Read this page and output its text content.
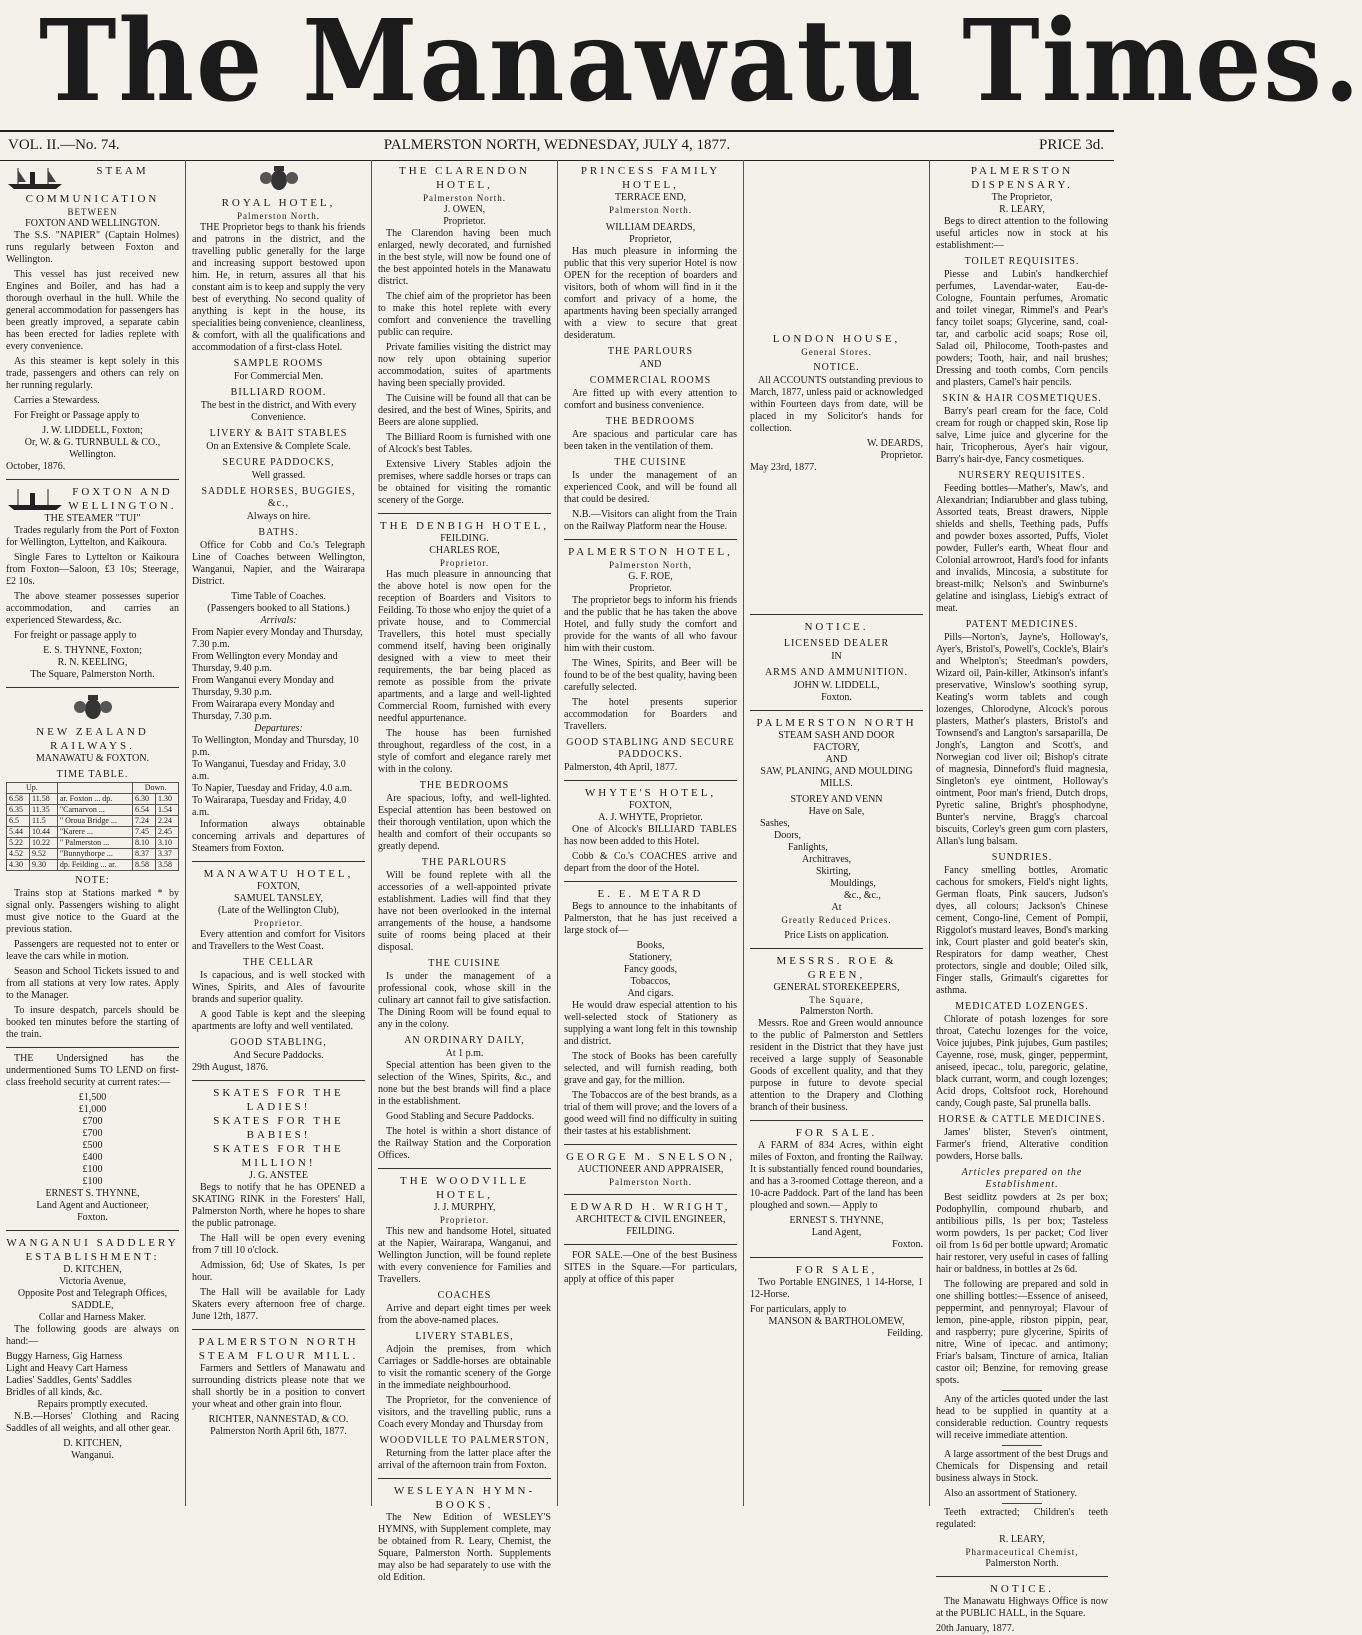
The Manawatu Times.
VOL. II.—No. 74.	PALMERSTON NORTH, WEDNESDAY, JULY 4, 1877.	PRICE 3d.
STEAM COMMUNICATION
BETWEEN
FOXTON AND WELLINGTON.

The S.S. "NAPIER" (Captain Holmes) runs regularly between Foxton and Wellington.

This vessel has just received new Engines and Boiler, and has had a thorough overhaul in the hull. While the general accommodation for passengers has been greatly improved, a separate cabin has been erected for ladies replete with every convenience.

As this steamer is kept solely in this trade, passengers and others can rely on her running regularly.

Carries a Stewardess.

For Freight or Passage apply to

J. W. LIDDELL, Foxton;
Or, W. & G. TURNBULL & CO., Wellington.
October, 1876.
FOXTON AND WELLINGTON.
THE STEAMER "TUI"

Trades regularly from the Port of Foxton for Wellington, Lyttelton, and Kaikoura.

Single Fares to Lyttelton or Kaikoura from Foxton—Saloon, £3 10s; Steerage, £2 10s.

The above steamer possesses superior accommodation, and carries an experienced Stewardess, &c.

For freight or passage apply to

E. S. THYNNE, Foxton;
R. N. KEELING,
The Square, Palmerston North.
NEW ZEALAND RAILWAYS.
MANAWATU & FOXTON.
TIME TABLE.
Up.			Down.	
6.58	11.58	ar. Foxton ... dp.	6.30	1.30
6.35	11.35	"Carnarvon ...	6.54	1.54
6.5	11.5	" Oroua Bridge ...	7.24	2.24
5.44	10.44	"Karere ...	7.45	2.45
5.22	10.22	" Palmerston ...	8.10	3.10
4.52	9.52	"Bunnythorpe ...	8.37	3.37
4.30	9.30	dp. Feilding ... ar.	8.58	3.58
NOTE:

Trains stop at Stations marked * by signal only. Passengers wishing to alight must give notice to the Guard at the previous station.

Passengers are requested not to enter or leave the cars while in motion.

Season and School Tickets issued to and from all stations at very low rates. Apply to the Manager.

To insure despatch, parcels should be booked ten minutes before the starting of the train.

THE Undersigned has the undermentioned Sums TO LEND on first-class freehold security at current rates:—

£1,500
£1,000
£700
£700
£500
£400
£100
£100
ERNEST S. THYNNE,
Land Agent and Auctioneer,
Foxton.
WANGANUI SADDLERY ESTABLISHMENT:
D. KITCHEN,
Victoria Avenue,
Opposite Post and Telegraph Offices,
SADDLE,
Collar and Harness Maker.

The following goods are always on hand:—

Buggy Harness, Gig Harness
Light and Heavy Cart Harness
Ladies' Saddles, Gents' Saddles
Bridles of all kinds, &c.
Repairs promptly executed.

N.B.—Horses' Clothing and Racing Saddles of all weights, and all other gear.

D. KITCHEN,
Wanganui.
ROYAL HOTEL,
Palmerston North.

THE Proprietor begs to thank his friends and patrons in the district, and the travelling public generally for the large and increasing support bestowed upon him. He, in return, assures all that his constant aim is to keep and supply the very best of everything. No second quality of anything is kept in the house, its specialities being convenience, cleanliness, & comfort, with all the qualifications and accommodation of a first-class Hotel.

SAMPLE ROOMS
For Commercial Men.
BILLIARD ROOM.
The best in the district, and With every Convenience.
LIVERY & BAIT STABLES
On an Extensive & Complete Scale.
SECURE PADDOCKS,
Well grassed.
SADDLE HORSES, BUGGIES, &c.,
Always on hire.
BATHS.

Office for Cobb and Co.'s Telegraph Line of Coaches between Wellington, Wanganui, Napier, and the Wairarapa District.

Time Table of Coaches.
(Passengers booked to all Stations.)
Arrivals:
From Napier every Monday and Thursday, 7.30 p.m.
From Wellington every Monday and Thursday, 9.40 p.m.
From Wanganui every Monday and Thursday, 9.30 p.m.
From Wairarapa every Monday and Thursday, 7.30 p.m.
Departures:
To Wellington, Monday and Thursday, 10 p.m.
To Wanganui, Tuesday and Friday, 3.0 a.m.
To Napier, Tuesday and Friday, 4.0 a.m.
To Wairarapa, Tuesday and Friday, 4.0 a.m.

Information always obtainable concerning arrivals and departures of Steamers from Foxton.

MANAWATU HOTEL,
FOXTON,
SAMUEL TANSLEY,
(Late of the Wellington Club),
Proprietor.

Every attention and comfort for Visitors and Travellers to the West Coast.

THE CELLAR

Is capacious, and is well stocked with Wines, Spirits, and Ales of favourite brands and superior quality.

A good Table is kept and the sleeping apartments are lofty and well ventilated.

GOOD STABLING,
And Secure Paddocks.
29th August, 1876.
SKATES FOR THE LADIES!
SKATES FOR THE BABIES!
SKATES FOR THE MILLION!
J. G. ANSTEE

Begs to notify that he has OPENED a SKATING RINK in the Foresters' Hall, Palmerston North, where he hopes to share the public patronage.

The Hall will be open every evening from 7 till 10 o'clock.

Admission, 6d; Use of Skates, 1s per hour.

The Hall will be available for Lady Skaters every afternoon free of charge. June 12th, 1877.

PALMERSTON NORTH STEAM FLOUR MILL.

Farmers and Settlers of Manawatu and surrounding districts please note that we shall shortly be in a position to convert your wheat and other grain into flour.

RICHTER, NANNESTAD, & CO.
Palmerston North April 6th, 1877.
THE CLARENDON HOTEL,
Palmerston North.
J. OWEN,
Proprietor.

The Clarendon having been much enlarged, newly decorated, and furnished in the best style, will now be found one of the best appointed hotels in the Manawatu district.

The chief aim of the proprietor has been to make this hotel replete with every comfort and convenience the travelling public can require.

Private families visiting the district may now rely upon obtaining superior accommodation, suites of apartments having been specially provided.

The Cuisine will be found all that can be desired, and the best of Wines, Spirits, and Beers are alone supplied.

The Billiard Room is furnished with one of Alcock's best Tables.

Extensive Livery Stables adjoin the premises, where saddle horses or traps can be obtained for visiting the romantic scenery of the Gorge.

THE DENBIGH HOTEL,
FEILDING.
CHARLES ROE,
Proprietor.

Has much pleasure in announcing that the above hotel is now open for the reception of Boarders and Visitors to Feilding. To those who enjoy the quiet of a private house, and to Commercial Travellers, this hotel must specially commend itself, having been originally designed with a view to meet their requirements, the bar being placed as remote as possible from the private apartments, and a large and well-lighted Commercial Room, furnished with every needful appurtenance.

The house has been furnished throughout, regardless of the cost, in a style of comfort and elegance rarely met with in the colony.

THE BEDROOMS

Are spacious, lofty, and well-lighted. Especial attention has been bestowed on their thorough ventilation, upon which the health and comfort of their occupants so greatly depend.

THE PARLOURS

Will be found replete with all the accessories of a well-appointed private establishment. Ladies will find that they have not been overlooked in the internal arrangements of the house, a handsome suite of rooms being placed at their disposal.

THE CUISINE

Is under the management of a professional cook, whose skill in the culinary art cannot fail to give satisfaction. The Dining Room will be found equal to any in the colony.

AN ORDINARY DAILY,
At 1 p.m.

Special attention has been given to the selection of the Wines, Spirits, &c., and none but the best brands will find a place in the establishment.

Good Stabling and Secure Paddocks.

The hotel is within a short distance of the Railway Station and the Corporation Offices.

THE WOODVILLE HOTEL,
J. J. MURPHY,
Proprietor.

This new and handsome Hotel, situated at the Napier, Wairarapa, Wanganui, and Wellington Junction, will be found replete with every convenience for Families and Travellers.

COACHES

Arrive and depart eight times per week from the above-named places.

LIVERY STABLES,

Adjoin the premises, from which Carriages or Saddle-horses are obtainable to visit the romantic scenery of the Gorge in the immediate neighbourhood.

The Proprietor, for the convenience of visitors, and the travelling public, runs a Coach every Monday and Thursday from

WOODVILLE TO PALMERSTON,

Returning from the latter place after the arrival of the afternoon train from Foxton.

WESLEYAN HYMN-BOOKS.

The New Edition of WESLEY'S HYMNS, with Supplement complete, may be obtained from R. Leary, Chemist, the Square, Palmerston North. Supplements may also be had separately to use with the old Edition.

PRINCESS FAMILY HOTEL,
TERRACE END,
Palmerston North.
WILLIAM DEARDS,
Proprietor,

Has much pleasure in informing the public that this very superior Hotel is now OPEN for the reception of boarders and visitors, both of whom will find in it the comfort and privacy of a home, the apartments having been specially arranged with a view to secure that great desideratum.

THE PARLOURS
AND
COMMERCIAL ROOMS

Are fitted up with every attention to comfort and business convenience.

THE BEDROOMS

Are spacious and particular care has been taken in the ventilation of them.

THE CUISINE

Is under the management of an experienced Cook, and will be found all that could be desired.

N.B.—Visitors can alight from the Train on the Railway Platform near the House.

PALMERSTON HOTEL,
Palmerston North,
G. F. ROE,
Proprietor.

The proprietor begs to inform his friends and the public that he has taken the above Hotel, and fully study the comfort and provide for the wants of all who favour him with their custom.

The Wines, Spirits, and Beer will be found to be of the best quality, having been carefully selected.

The hotel presents superior accommodation for Boarders and Travellers.

GOOD STABLING AND SECURE PADDOCKS.
Palmerston, 4th April, 1877.
WHYTE'S HOTEL,
FOXTON,
A. J. WHYTE, Proprietor.

One of Alcock's BILLIARD TABLES has now been added to this Hotel.

Cobb & Co.'s COACHES arrive and depart from the door of the Hotel.

E. E. METARD

Begs to announce to the inhabitants of Palmerston, that he has just received a large stock of—

Books,
Stationery,
Fancy goods,
Tobaccos,
And cigars.

He would draw especial attention to his well-selected stock of Stationery as supplying a want long felt in this township and district.

The stock of Books has been carefully selected, and will furnish reading, both grave and gay, for the million.

The Tobaccos are of the best brands, as a trial of them will prove; and the lovers of a good weed will find no difficulty in suiting their tastes at his establishment.

GEORGE M. SNELSON,
AUCTIONEER AND APPRAISER,
Palmerston North.
EDWARD H. WRIGHT,
ARCHITECT & CIVIL ENGINEER,
FEILDING.

FOR SALE.—One of the best Business SITES in the Square.—For particulars, apply at office of this paper

LONDON HOUSE,
General Stores.
NOTICE.

All ACCOUNTS outstanding previous to March, 1877, unless paid or acknowledged within Fourteen days from date, will be placed in my Solicitor's hands for collection.

W. DEARDS,
Proprietor.
May 23rd, 1877.
NOTICE.
LICENSED DEALER
IN
ARMS AND AMMUNITION.
JOHN W. LIDDELL,
Foxton.
PALMERSTON NORTH
STEAM SASH AND DOOR
FACTORY,
AND
SAW, PLANING, AND MOULDING MILLS.
STOREY AND VENN
Have on Sale,
Sashes,
Doors,
Fanlights,
Architraves,
Skirting,
Mouldings,
&c., &c.,
At
Greatly Reduced Prices.
Price Lists on application.
MESSRS. ROE & GREEN,
GENERAL STOREKEEPERS,
The Square,
Palmerston North.

Messrs. Roe and Green would announce to the public of Palmerston and Settlers resident in the District that they have just received a large supply of Seasonable Goods of excellent quality, and that they purpose in future to devote special attention to the Drapery and Clothing branch of their business.

FOR SALE.

A FARM of 834 Acres, within eight miles of Foxton, and fronting the Railway. It is substantially fenced round boundaries, and has a 3-roomed Cottage thereon, and a 10-acre Paddock. Part of the land has been ploughed and sown.— Apply to

ERNEST S. THYNNE,
Land Agent,
Foxton.
FOR SALE,

Two Portable ENGINES, 1 14-Horse, 1 12-Horse.

For particulars, apply to
MANSON & BARTHOLOMEW,
Feilding.
PALMERSTON DISPENSARY.
The Proprietor,
R. LEARY,

Begs to direct attention to the following useful articles now in stock at his establishment:—

TOILET REQUISITES.

Piesse and Lubin's handkerchief perfumes, Lavendar-water, Eau-de-Cologne, Fountain perfumes, Aromatic and toilet vinegar, Rimmel's and Pear's fancy toilet soaps; Glycerine, sand, coal-tar, and carbolic acid soaps; Rose oil, Salad oil, Philocome, Tooth-pastes and powders; Tooth, hair, and nail brushes; Dressing and tooth combs, Corn pencils and plasters, Camel's hair pencils.

SKIN & HAIR COSMETIQUES.

Barry's pearl cream for the face, Cold cream for rough or chapped skin, Rose lip salve, Lime juice and glycerine for the hair, Tricopherous, Ayer's hair vigour, Barry's hair-dye, Fancy cosmetiques.

NURSERY REQUISITES.

Feeding bottles—Mather's, Maw's, and Alexandrian; Indiarubber and glass tubing, Assorted teats, Breast drawers, Nipple shields and shells, Teething pads, Puffs and powder boxes assorted, Puffs, Violet powder, Fuller's earth, Wheat flour and Colonial arrowroot, Hard's food for infants and invalids, Mincosia, a substitute for breast-milk; Nelson's and Swinburne's gelatine and isinglass, Liebig's extract of meat.

PATENT MEDICINES.

Pills—Norton's, Jayne's, Holloway's, Ayer's, Bristol's, Powell's, Cockle's, Blair's and Whelpton's; Steedman's powders, Wizard oil, Pain-killer, Atkinson's infant's preservative, Winslow's soothing syrup, Keating's worm tablets and cough lozenges, Chlorodyne, Alcock's porous plasters, Mather's plasters, Bristol's and Townsend's and Langton's sarsaparilla, De Jongh's, Langton and Scott's, and Norwegian cod liver oil; Bishop's citrate of magnesia, Dinneford's fluid magnesia, Singleton's eye ointment, Holloway's ointment, Poor man's friend, Dutch drops, Pyretic saline, Bright's phosphodyne, Bunter's nervine, Bragg's charcoal biscuits, Corley's green gum corn plasters, Allan's lung balsam.

SUNDRIES.

Fancy smelling bottles, Aromatic cachous for smokers, Field's night lights, German floats, Pink saucers, Judson's dyes, all colours; Jackson's Chinese cement, Congo-line, Cement of Pompii, Riggolot's mustard leaves, Bond's marking ink, Court plaster and gold beater's skin, Respirators for damp weather, Chest protectors, single and double; Oiled silk, Finger stalls, Grimault's cigarettes for asthma.

MEDICATED LOZENGES.

Chlorate of potash lozenges for sore throat, Catechu lozenges for the voice, Voice jujubes, Pink jujubes, Gum pastiles; Cayenne, rose, musk, ginger, peppermint, aniseed, ipecac., tolu, paregoric, gelatine, black currant, worm, and cough lozenges; Acid drops, Coltsfoot rock, Horehound candy, Cough paste, Sal prunella balls.

HORSE & CATTLE MEDICINES.

James' blister, Steven's ointment, Farmer's friend, Alterative condition powders, Horse balls.

Articles prepared on the Establishment.

Best seidlitz powders at 2s per box; Podophyllin, compound rhubarb, and antibilious pills, 1s per box; Tasteless worm powders, 1s per packet; Cod liver oil from 1s 6d per bottle upward; Aromatic hair restorer, very useful in cases of falling hair or baldness, in bottles at 2s 6d.

The following are prepared and sold in one shilling bottles:—Essence of aniseed, peppermint, and pennyroyal; Flavour of lemon, pine-apple, ribston pippin, pear, and raspberry; pure glycerine, Spirits of nitre, Wine of ipecac. and antimony; Friar's balsam, Tincture of arnica, Italian castor oil; Benzine, for removing grease spots.

Any of the articles quoted under the last head to be supplied in quantity at a considerable reduction. Country requests will receive immediate attention.

A large assortment of the best Drugs and Chemicals for Dispensing and retail business always in Stock.

Also an assortment of Stationery.

Teeth extracted; Children's teeth regulated:

R. LEARY,
Pharmaceutical Chemist,
Palmerston North.
NOTICE.

The Manawatu Highways Office is now at the PUBLIC HALL, in the Square.

20th January, 1877.
